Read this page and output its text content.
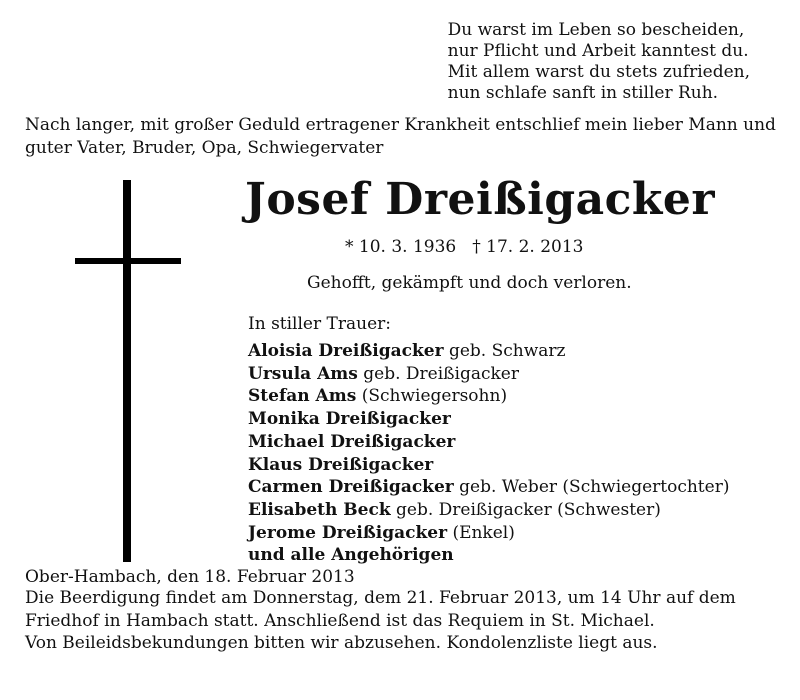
Du warst im Leben so bescheiden,
nur Pflicht und Arbeit kanntest du.
Mit allem warst du stets zufrieden,
nun schlafe sanft in stiller Ruh.
Nach langer, mit großer Geduld ertragener Krankheit entschlief mein lieber Mann und guter Vater, Bruder, Opa, Schwiegervater
Josef Dreißigacker
* 10. 3. 1936 † 17. 2. 2013
Gehofft, gekämpft und doch verloren.
In stiller Trauer:
Aloisia Dreißigacker geb. Schwarz
Ursula Ams geb. Dreißigacker
Stefan Ams (Schwiegersohn)
Monika Dreißigacker
Michael Dreißigacker
Klaus Dreißigacker
Carmen Dreißigacker geb. Weber (Schwiegertochter)
Elisabeth Beck geb. Dreißigacker (Schwester)
Jerome Dreißigacker (Enkel)
und alle Angehörigen
Ober-Hambach, den 18. Februar 2013
Die Beerdigung findet am Donnerstag, dem 21. Februar 2013, um 14 Uhr auf dem
Friedhof in Hambach statt. Anschließend ist das Requiem in St. Michael.
Von Beileidsbekundungen bitten wir abzusehen. Kondolenzliste liegt aus.
